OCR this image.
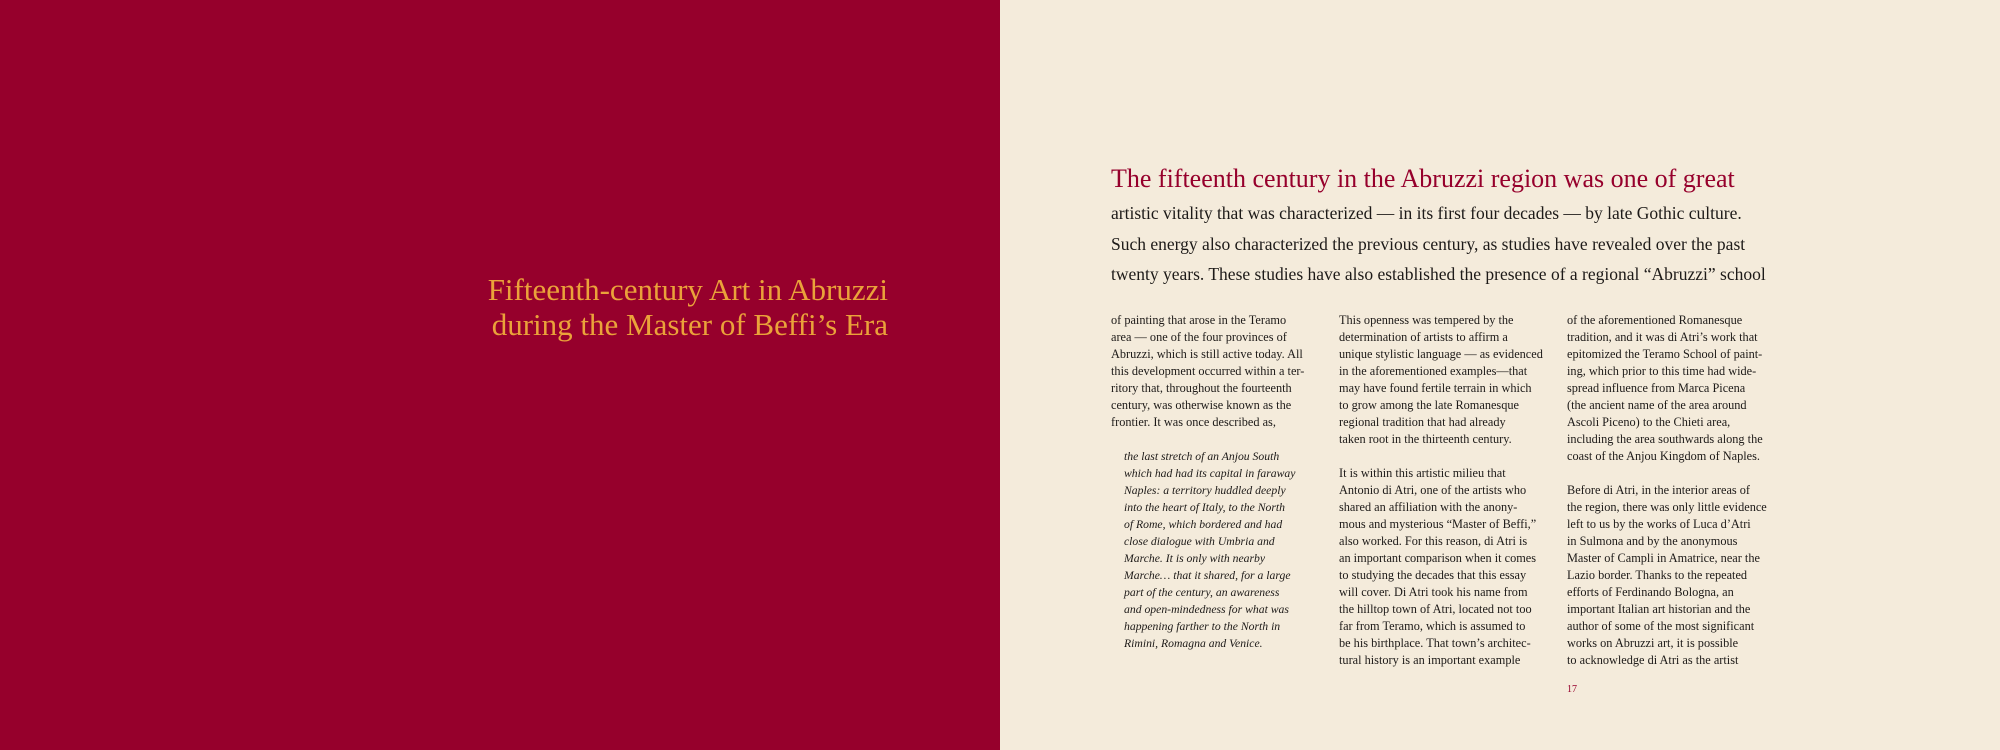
Fifteenth-century Art in Abruzzi
during the Master of Beffi’s Era
The fifteenth century in the Abruzzi region was one of great
artistic vitality that was characterized — in its first four decades — by late Gothic culture.
Such energy also characterized the previous century, as studies have revealed over the past
twenty years. These studies have also established the presence of a regional “Abruzzi” school
of painting that arose in the Teramo
area — one of the four provinces of
Abruzzi, which is still active today. All
this development occurred within a ter-
ritory that, throughout the fourteenth
century, was otherwise known as the
frontier. It was once described as,
the last stretch of an Anjou South
which had had its capital in faraway
Naples: a territory huddled deeply
into the heart of Italy, to the North
of Rome, which bordered and had
close dialogue with Umbria and
Marche. It is only with nearby
Marche… that it shared, for a large
part of the century, an awareness
and open-mindedness for what was
happening farther to the North in
Rimini, Romagna and Venice.
This openness was tempered by the
determination of artists to affirm a
unique stylistic language — as evidenced
in the aforementioned examples—that
may have found fertile terrain in which
to grow among the late Romanesque
regional tradition that had already
taken root in the thirteenth century.
It is within this artistic milieu that
Antonio di Atri, one of the artists who
shared an affiliation with the anony-
mous and mysterious “Master of Beffi,”
also worked. For this reason, di Atri is
an important comparison when it comes
to studying the decades that this essay
will cover. Di Atri took his name from
the hilltop town of Atri, located not too
far from Teramo, which is assumed to
be his birthplace. That town’s architec-
tural history is an important example
of the aforementioned Romanesque
tradition, and it was di Atri’s work that
epitomized the Teramo School of paint-
ing, which prior to this time had wide-
spread influence from Marca Picena
(the ancient name of the area around
Ascoli Piceno) to the Chieti area,
including the area southwards along the
coast of the Anjou Kingdom of Naples.
Before di Atri, in the interior areas of
the region, there was only little evidence
left to us by the works of Luca d’Atri
in Sulmona and by the anonymous
Master of Campli in Amatrice, near the
Lazio border. Thanks to the repeated
efforts of Ferdinando Bologna, an
important Italian art historian and the
author of some of the most significant
works on Abruzzi art, it is possible
to acknowledge di Atri as the artist
17
